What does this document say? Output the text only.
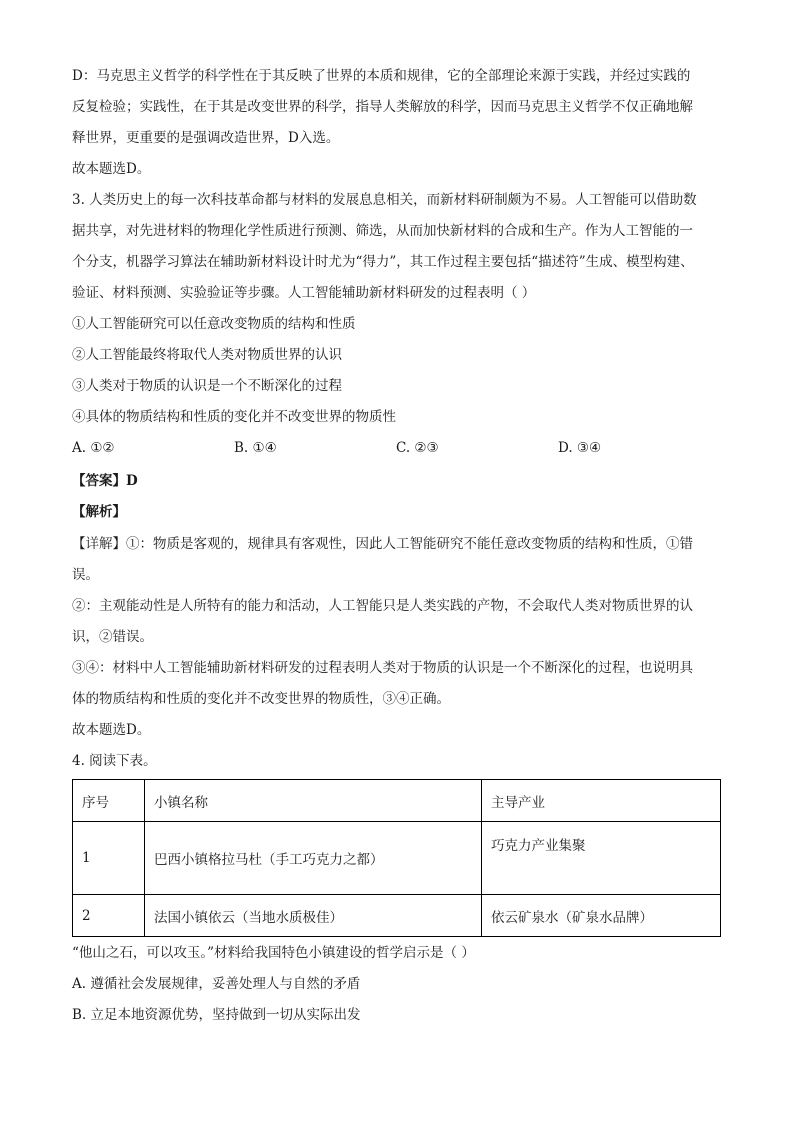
D：马克思主义哲学的科学性在于其反映了世界的本质和规律，它的全部理论来源于实践，并经过实践的
反复检验；实践性，在于其是改变世界的科学，指导人类解放的科学，因而马克思主义哲学不仅正确地解
释世界，更重要的是强调改造世界，D入选。
故本题选D。
3. 人类历史上的每一次科技革命都与材料的发展息息相关，而新材料研制颇为不易。人工智能可以借助数
据共享，对先进材料的物理化学性质进行预测、筛选，从而加快新材料的合成和生产。作为人工智能的一
个分支，机器学习算法在辅助新材料设计时尤为“得力”，其工作过程主要包括“描述符”生成、模型构建、
验证、材料预测、实验验证等步骤。人工智能辅助新材料研发的过程表明（ ）
①人工智能研究可以任意改变物质的结构和性质
②人工智能最终将取代人类对物质世界的认识
③人类对于物质的认识是一个不断深化的过程
④具体的物质结构和性质的变化并不改变世界的物质性
A. ①②	B. ①④	C. ②③	D. ③④
【答案】D
【解析】
【详解】①：物质是客观的，规律具有客观性，因此人工智能研究不能任意改变物质的结构和性质，①错
误。
②：主观能动性是人所特有的能力和活动，人工智能只是人类实践的产物，不会取代人类对物质世界的认
识，②错误。
③④：材料中人工智能辅助新材料研发的过程表明人类对于物质的认识是一个不断深化的过程，也说明具
体的物质结构和性质的变化并不改变世界的物质性，③④正确。
故本题选D。
4. 阅读下表。
序号	小镇名称	主导产业
1	巴西小镇格拉马杜（手工巧克力之都）	巧克力产业集聚
2	法国小镇依云（当地水质极佳）	依云矿泉水（矿泉水品牌）
“他山之石，可以攻玉。”材料给我国特色小镇建设的哲学启示是（ ）
A. 遵循社会发展规律，妥善处理人与自然的矛盾
B. 立足本地资源优势，坚持做到一切从实际出发
